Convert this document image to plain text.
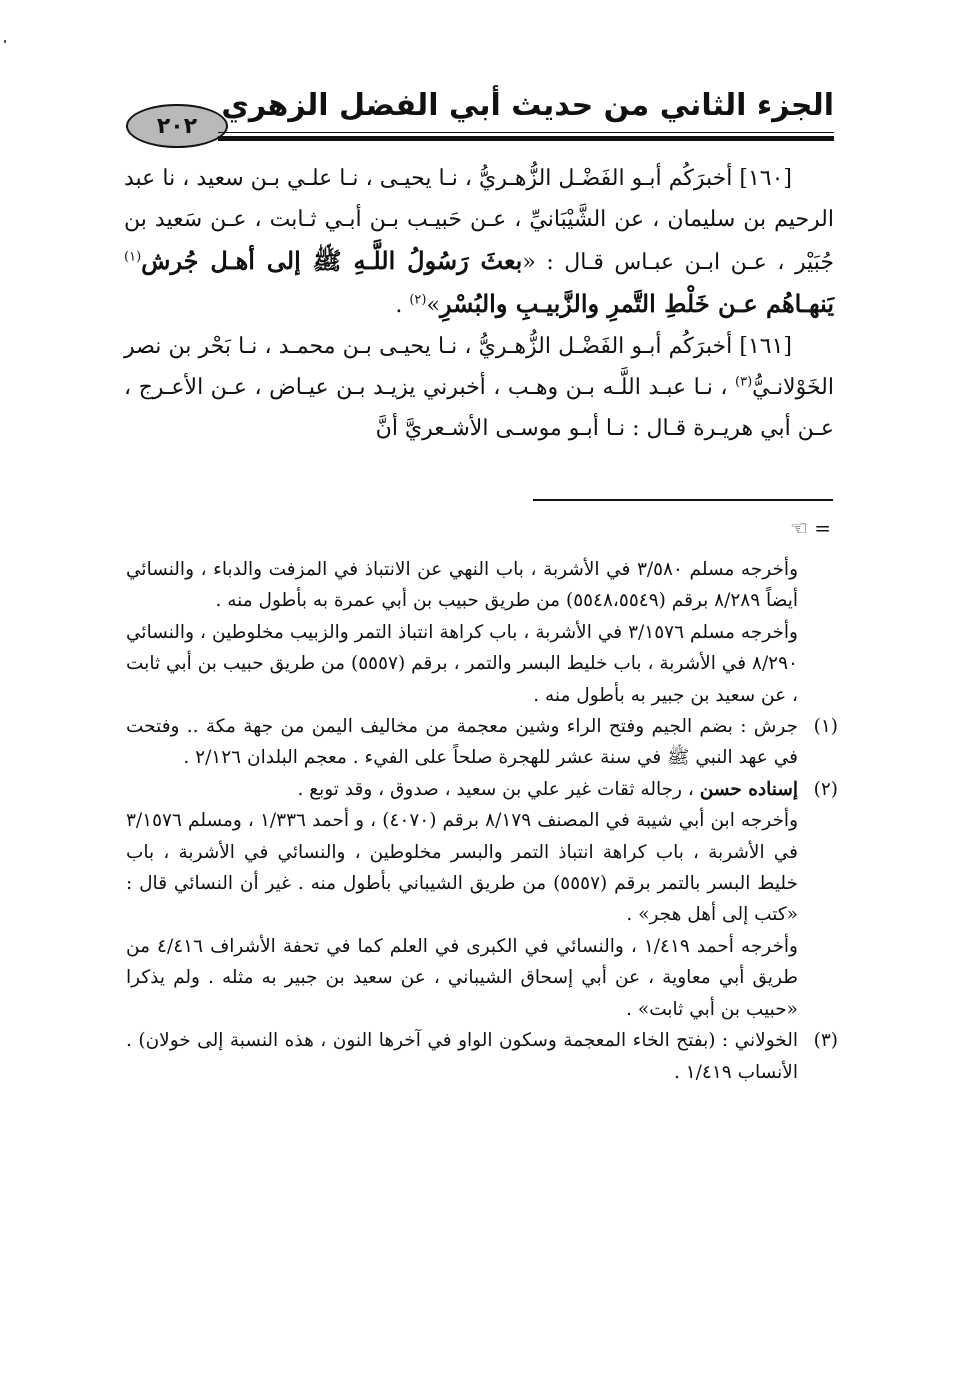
٢٠٢
الجزء الثاني من حديث أبي الفضل الزهري

[١٦٠] أخبرَكُم أبـو الفَضْـل الزُّهـريُّ ، نـا يحيـى ، نـا علـي بـن سعيد ، نا عبد الرحيم بن سليمان ، عن الشَّيْبَانيِّ ، عـن حَبيـب بـن أبـي ثـابت ، عـن سَعيد بن جُبَيْر ، عـن ابـن عبـاس قـال : «بعثَ رَسُولُ اللَّـهِ ﷺ إلى أهـل جُرش$^{(١)}$ يَنهـاهُم عـن خَلْطِ التَّمرِ والزَّبيـبِ والبُسْرِ»$^{(٢)}$ .

[١٦١] أخبرَكُم أبـو الفَضْـل الزُّهـريُّ ، نـا يحيـى بـن محمـد ، نـا بَحْر بن نصر الخَوْلانـيُّ$^{(٣)}$ ، نـا عبـد اللَّـه بـن وهـب ، أخبرني يزيـد بـن عيـاض ، عـن الأعـرج ، عـن أبي هريـرة قـال : نـا أبـو موسـى الأشـعريَّ أنَّ

= ☜

وأخرجه مسلم ٣/٥٨٠ في الأشربة ، باب النهي عن الانتباذ في المزفت والدباء ، والنسائي أيضاً ٨/٢٨٩ برقم (٥٥٤٨،٥٥٤٩) من طريق حبيب بن أبي عمرة به بأطول منه .

وأخرجه مسلم ٣/١٥٧٦ في الأشربة ، باب كراهة انتباذ التمر والزبيب مخلوطين ، والنسائي ٨/٢٩٠ في الأشربة ، باب خليط البسر والتمر ، برقم (٥٥٥٧) من طريق حبيب بن أبي ثابت ، عن سعيد بن جبير به بأطول منه .

(١)

جرش : بضم الجيم وفتح الراء وشين معجمة من مخاليف اليمن من جهة مكة .. وفتحت في عهد النبي ﷺ في سنة عشر للهجرة صلحاً على الفيء . معجم البلدان ٢/١٢٦ .

(٢)

إسناده حسن ، رجاله ثقات غير علي بن سعيد ، صدوق ، وقد توبع .

وأخرجه ابن أبي شيبة في المصنف ٨/١٧٩ برقم (٤٠٧٠) ، و أحمد ١/٣٣٦ ، ومسلم ٣/١٥٧٦ في الأشربة ، باب كراهة انتباذ التمر والبسر مخلوطين ، والنسائي في الأشربة ، باب خليط البسر بالتمر برقم (٥٥٥٧) من طريق الشيباني بأطول منه . غير أن النسائي قال : «كتب إلى أهل هجر» .

وأخرجه أحمد ١/٤١٩ ، والنسائي في الكبرى في العلم كما في تحفة الأشراف ٤/٤١٦ من طريق أبي معاوية ، عن أبي إسحاق الشيباني ، عن سعيد بن جبير به مثله . ولم يذكرا «حبيب بن أبي ثابت» .

(٣)

الخولاني : (بفتح الخاء المعجمة وسكون الواو في آخرها النون ، هذه النسبة إلى خولان) . الأنساب ١/٤١٩ .
